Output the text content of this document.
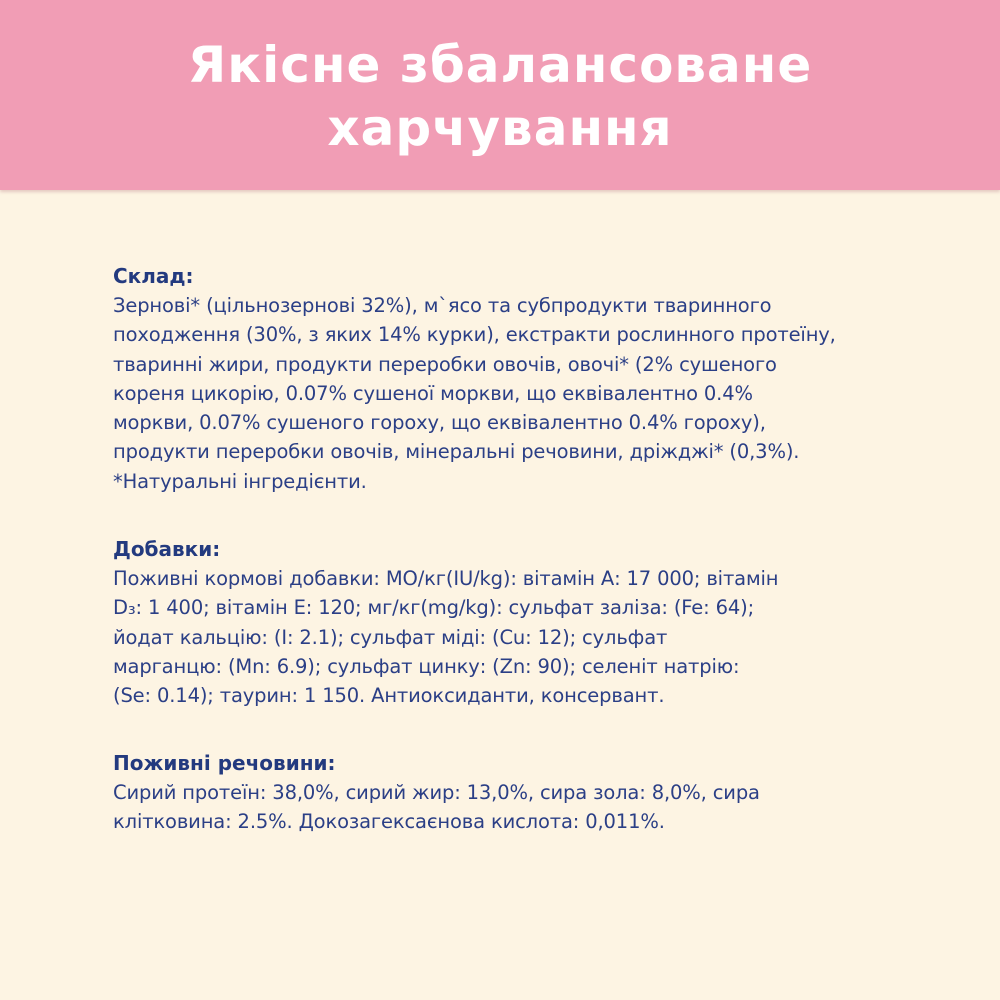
Якісне збалансоване
харчування
Склад:
Зернові* (цільнозернові 32%), м`ясо та субпродукти тваринного
походження (30%, з яких 14% курки), екстракти рослинного протеїну,
тваринні жири, продукти переробки овочів, овочі* (2% сушеного
кореня цикорію, 0.07% сушеної моркви, що еквівалентно 0.4%
моркви, 0.07% сушеного гороху, що еквівалентно 0.4% гороху),
продукти переробки овочів, мінеральні речовини, дріжджі* (0,3%).
*Натуральні інгредієнти.
Добавки:
Поживні кормові добавки: МО/кг(IU/kg): вітамін А: 17 000; вітамін
D₃: 1 400; вітамін Е: 120; мг/кг(mg/kg): сульфат заліза: (Fe: 64);
йодат кальцію: (I: 2.1); сульфат міді: (Cu: 12); сульфат
марганцю: (Mn: 6.9); сульфат цинку: (Zn: 90); селеніт натрію:
(Se: 0.14); таурин: 1 150. Антиоксиданти, консервант.
Поживні речовини:
Сирий протеїн: 38,0%, сирий жир: 13,0%, сира зола: 8,0%, сира
клітковина: 2.5%. Докозагексаєнова кислота: 0,011%.
